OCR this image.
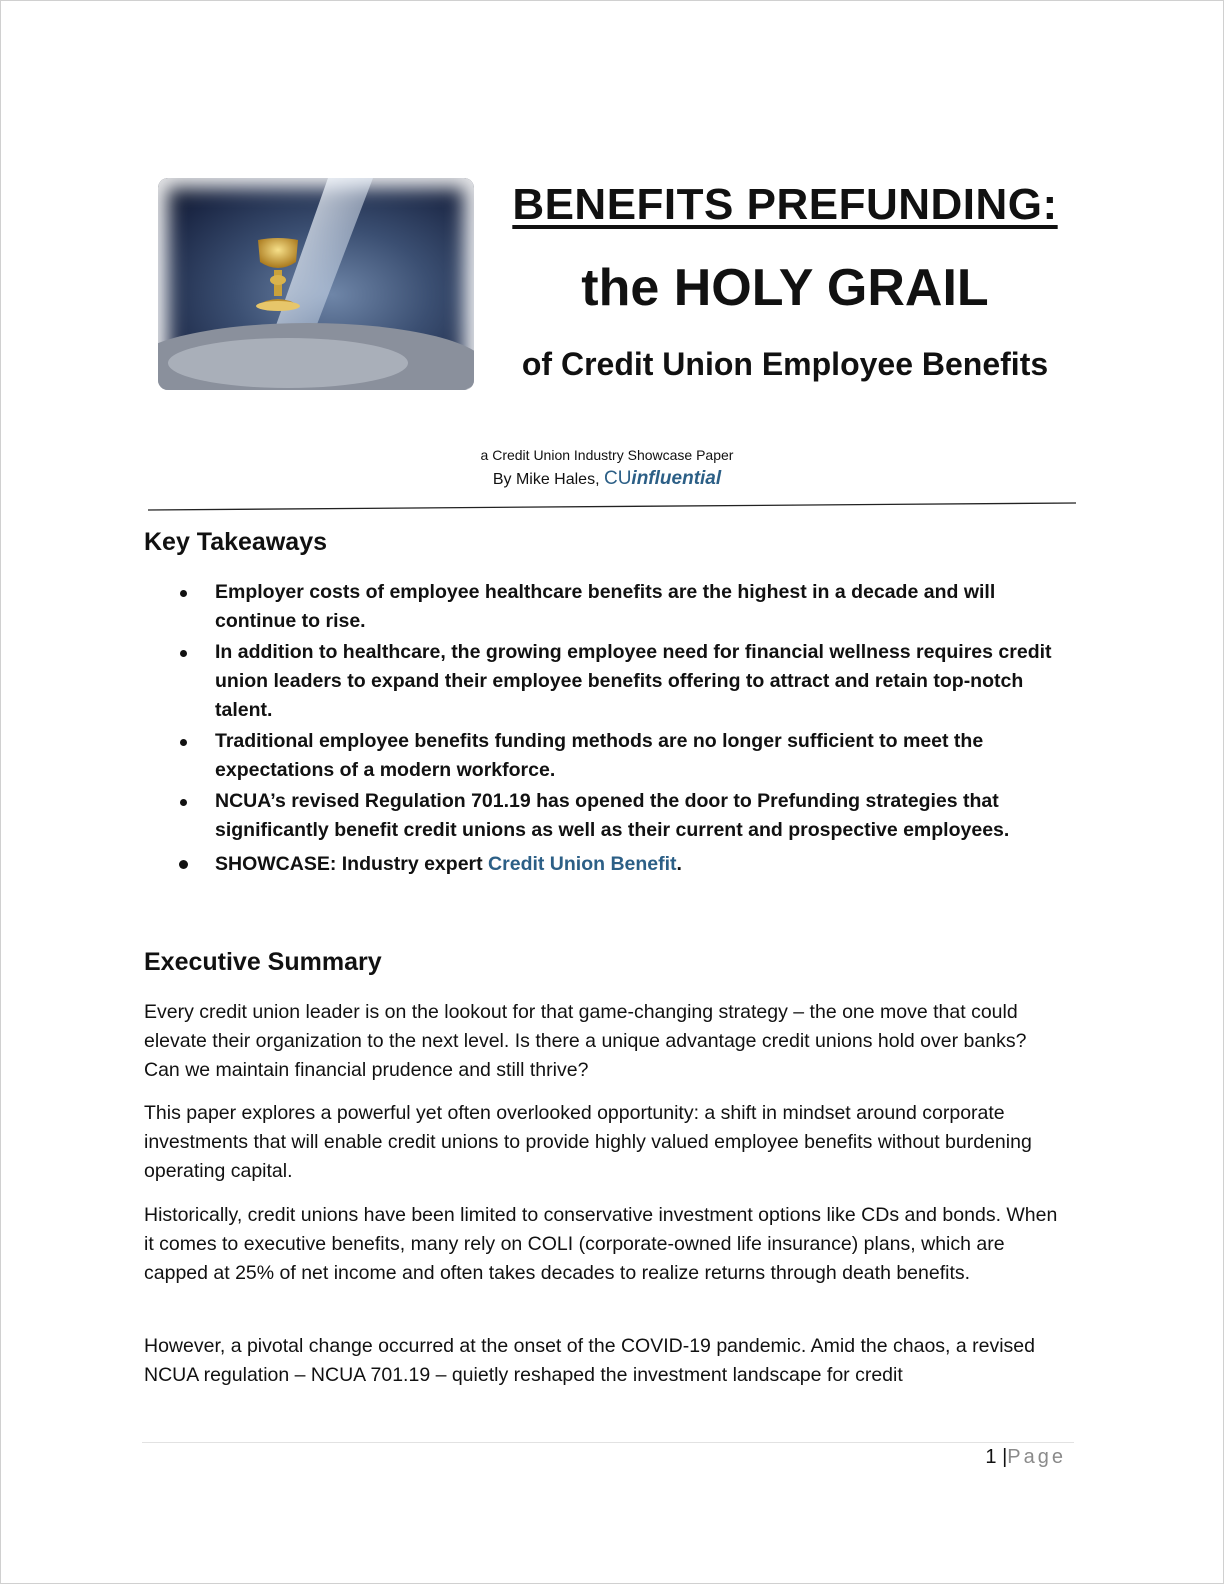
BENEFITS PREFUNDING:
the HOLY GRAIL
of Credit Union Employee Benefits
a Credit Union Industry Showcase Paper
By Mike Hales, CUinfluential
Key Takeaways
Employer costs of employee healthcare benefits are the highest in a decade and will continue to rise.
In addition to healthcare, the growing employee need for financial wellness requires credit union leaders to expand their employee benefits offering to attract and retain top-notch talent.
Traditional employee benefits funding methods are no longer sufficient to meet the expectations of a modern workforce.
NCUA’s revised Regulation 701.19 has opened the door to Prefunding strategies that significantly benefit credit unions as well as their current and prospective employees.
SHOWCASE: Industry expert Credit Union Benefit.
Executive Summary

Every credit union leader is on the lookout for that game-changing strategy – the one move that could elevate their organization to the next level. Is there a unique advantage credit unions hold over banks? Can we maintain financial prudence and still thrive?

This paper explores a powerful yet often overlooked opportunity: a shift in mindset around corporate investments that will enable credit unions to provide highly valued employee benefits without burdening operating capital.

Historically, credit unions have been limited to conservative investment options like CDs and bonds. When it comes to executive benefits, many rely on COLI (corporate-owned life insurance) plans, which are capped at 25% of net income and often takes decades to realize returns through death benefits.

However, a pivotal change occurred at the onset of the COVID-19 pandemic. Amid the chaos, a revised NCUA regulation – NCUA 701.19 – quietly reshaped the investment landscape for credit

1 |Page
